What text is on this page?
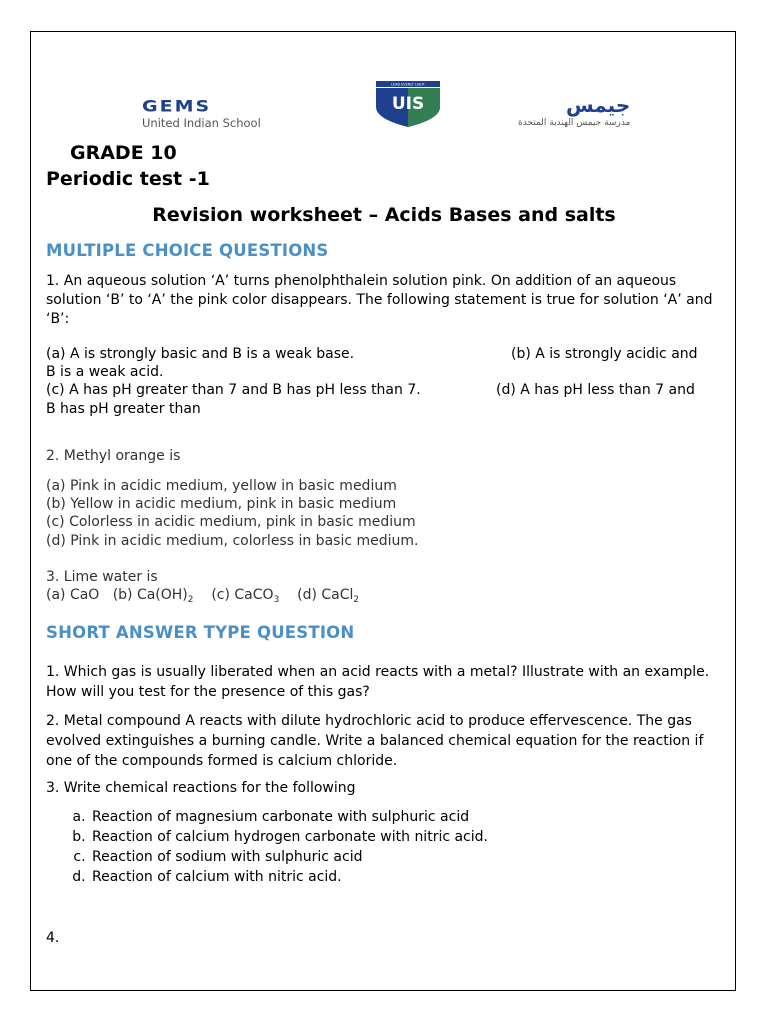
GEMS
United Indian School
LEAD EVERLY LIGHT
UIS	جيمس
مدرسة جيمس الهندية المتحدة
GRADE 10
Periodic test -1
Revision worksheet – Acids Bases and salts
MULTIPLE CHOICE QUESTIONS
1. An aqueous solution ‘A’ turns phenolphthalein solution pink. On addition of an aqueous solution ‘B’ to ‘A’ the pink color disappears. The following statement is true for solution ‘A’ and ‘B’:
(a) A is strongly basic and B is a weak base.	(b) A is strongly acidic and
B is a weak acid.
(c) A has pH greater than 7 and B has pH less than 7.	(d) A has pH less than 7 and
B has pH greater than
2. Methyl orange is
(a) Pink in acidic medium, yellow in basic medium
(b) Yellow in acidic medium, pink in basic medium
(c) Colorless in acidic medium, pink in basic medium
(d) Pink in acidic medium, colorless in basic medium.
3. Lime water is
(a) CaO (b) $Ca(OH)_2$ (c) CaCO$_3$ (d) CaCl$_2$
SHORT ANSWER TYPE QUESTION
1. Which gas is usually liberated when an acid reacts with a metal? Illustrate with an example. How will you test for the presence of this gas?
2. Metal compound A reacts with dilute hydrochloric acid to produce effervescence. The gas evolved extinguishes a burning candle. Write a balanced chemical equation for the reaction if one of the compounds formed is calcium chloride.
3. Write chemical reactions for the following
a. Reaction of magnesium carbonate with sulphuric acid
b. Reaction of calcium hydrogen carbonate with nitric acid.
c. Reaction of sodium with sulphuric acid
d. Reaction of calcium with nitric acid.
4.
